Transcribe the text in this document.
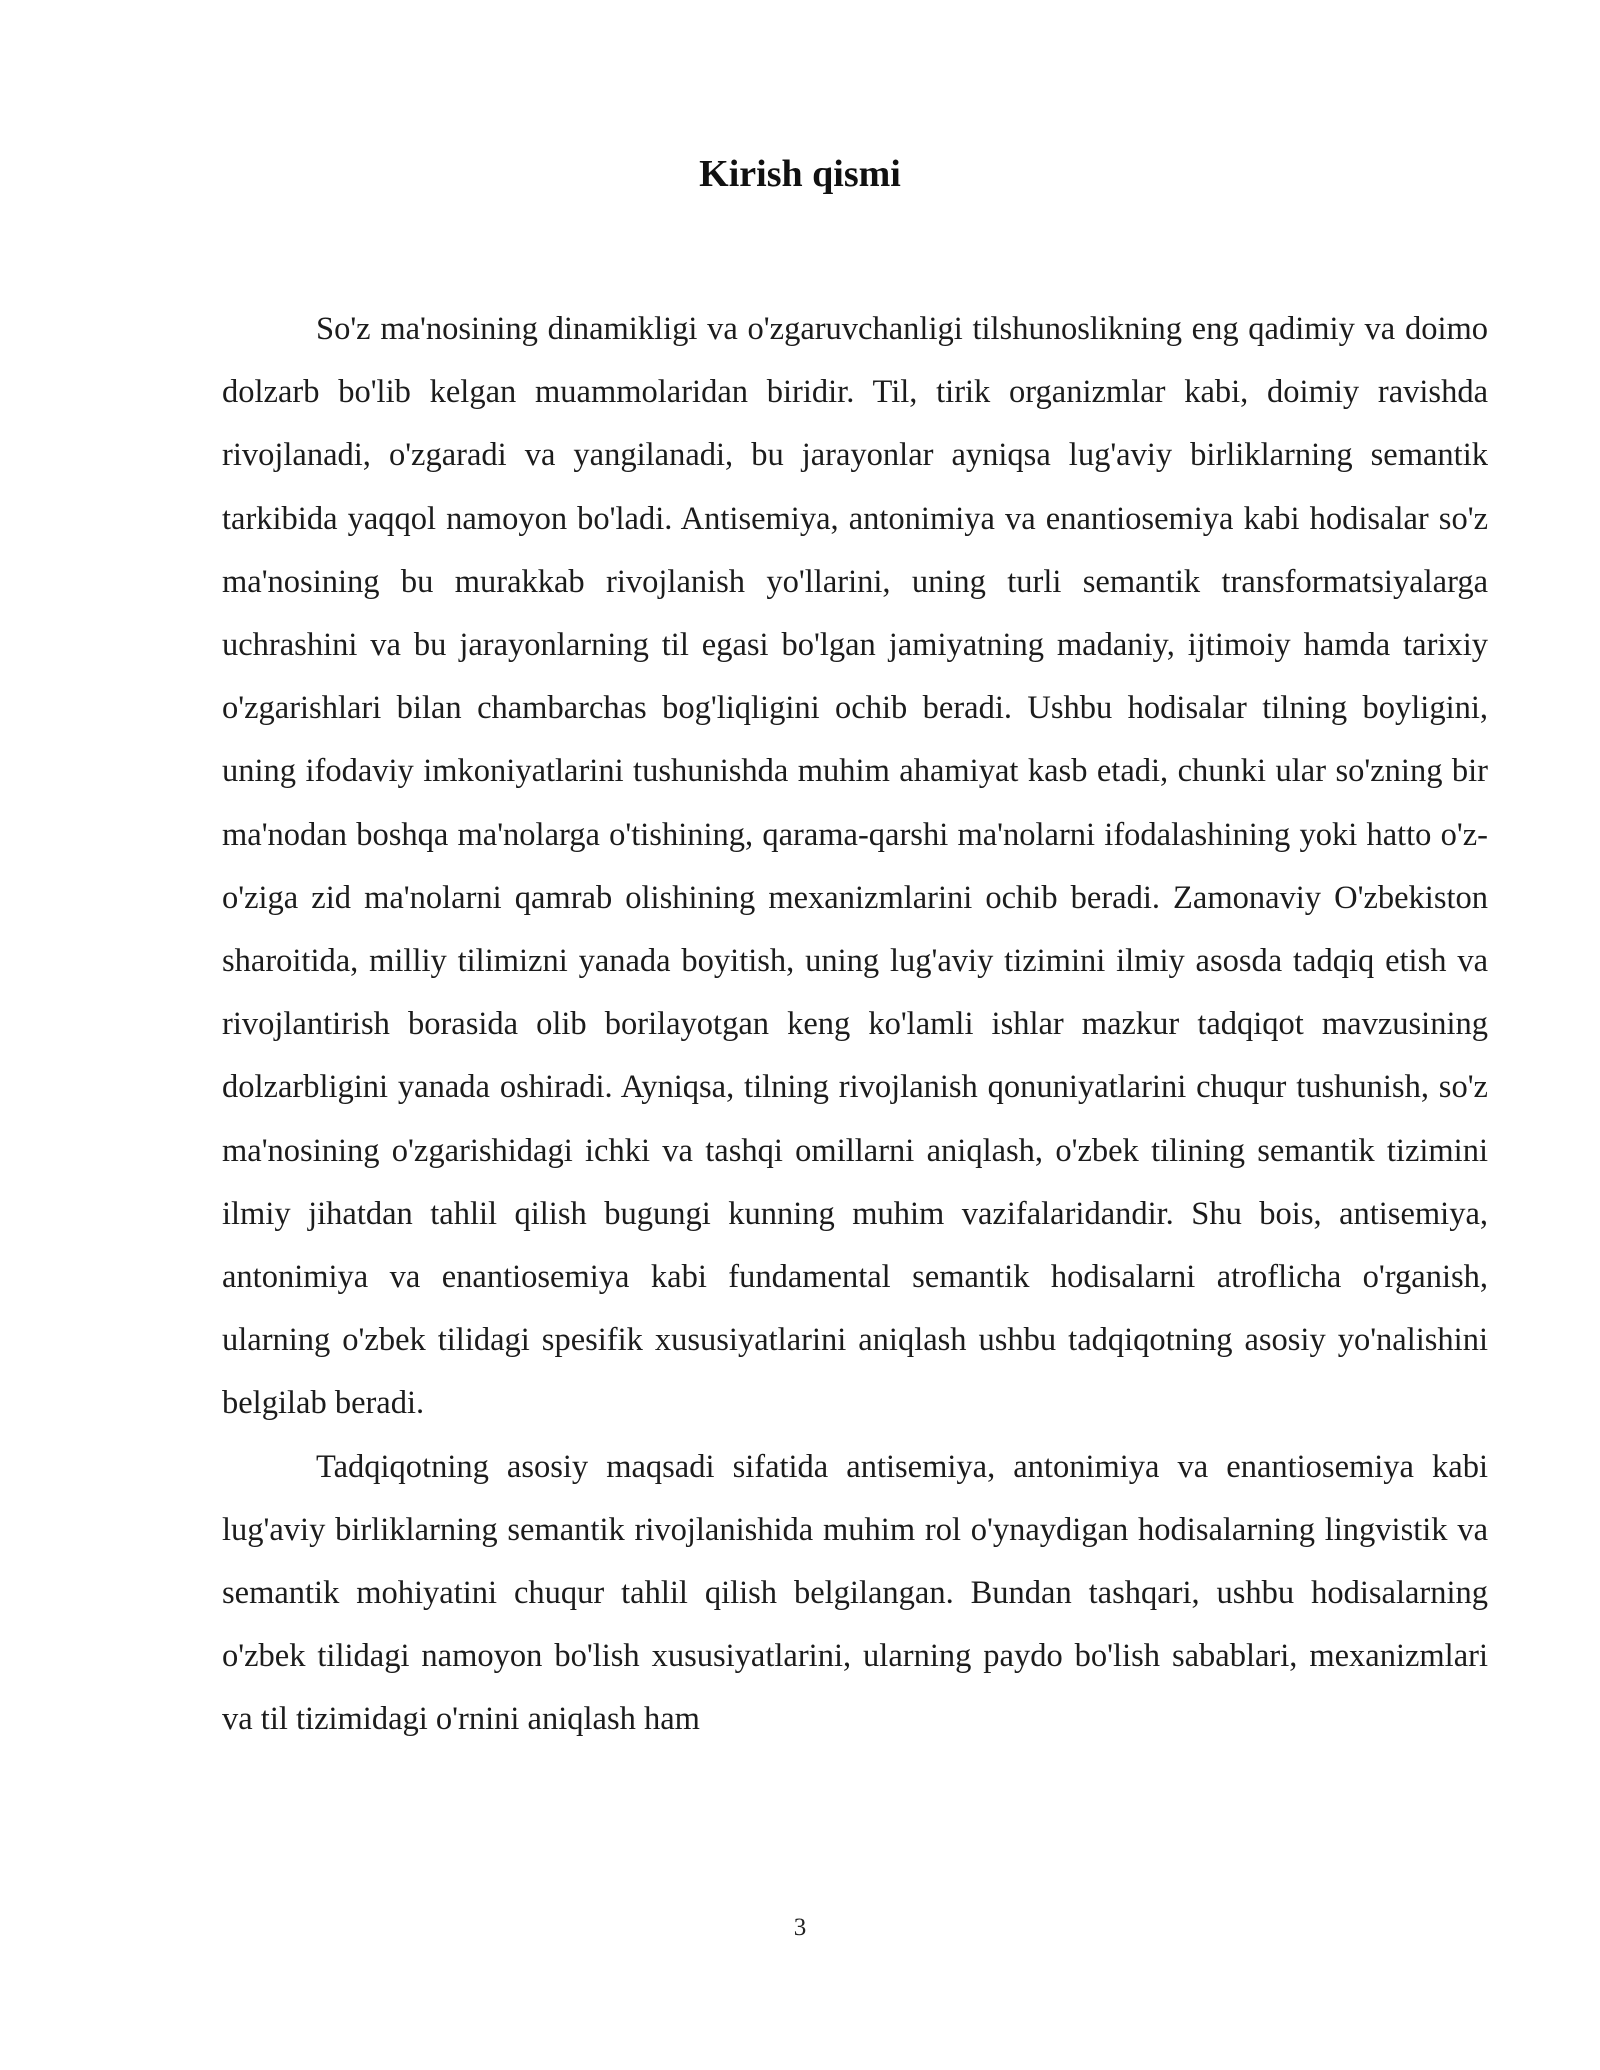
Kirish qismi

So'z ma'nosining dinamikligi va o'zgaruvchanligi tilshunoslikning eng qadimiy va doimo dolzarb bo'lib kelgan muammolaridan biridir. Til, tirik organizmlar kabi, doimiy ravishda rivojlanadi, o'zgaradi va yangilanadi, bu jarayonlar ayniqsa lug'aviy birliklarning semantik tarkibida yaqqol namoyon bo'ladi. Antisemiya, antonimiya va enantiosemiya kabi hodisalar so'z ma'nosining bu murakkab rivojlanish yo'llarini, uning turli semantik transformatsiyalarga uchrashini va bu jarayonlarning til egasi bo'lgan jamiyatning madaniy, ijtimoiy hamda tarixiy o'zgarishlari bilan chambarchas bog'liqligini ochib beradi. Ushbu hodisalar tilning boyligini, uning ifodaviy imkoniyatlarini tushunishda muhim ahamiyat kasb etadi, chunki ular so'zning bir ma'nodan boshqa ma'nolarga o'tishining, qarama-qarshi ma'nolarni ifodalashining yoki hatto o'z-o'ziga zid ma'nolarni qamrab olishining mexanizmlarini ochib beradi. Zamonaviy O'zbekiston sharoitida, milliy tilimizni yanada boyitish, uning lug'aviy tizimini ilmiy asosda tadqiq etish va rivojlantirish borasida olib borilayotgan keng ko'lamli ishlar mazkur tadqiqot mavzusining dolzarbligini yanada oshiradi. Ayniqsa, tilning rivojlanish qonuniyatlarini chuqur tushunish, so'z ma'nosining o'zgarishidagi ichki va tashqi omillarni aniqlash, o'zbek tilining semantik tizimini ilmiy jihatdan tahlil qilish bugungi kunning muhim vazifalaridandir. Shu bois, antisemiya, antonimiya va enantiosemiya kabi fundamental semantik hodisalarni atroflicha o'rganish, ularning o'zbek tilidagi spesifik xususiyatlarini aniqlash ushbu tadqiqotning asosiy yo'nalishini belgilab beradi.

Tadqiqotning asosiy maqsadi sifatida antisemiya, antonimiya va enantiosemiya kabi lug'aviy birliklarning semantik rivojlanishida muhim rol o'ynaydigan hodisalarning lingvistik va semantik mohiyatini chuqur tahlil qilish belgilangan. Bundan tashqari, ushbu hodisalarning o'zbek tilidagi namoyon bo'lish xususiyatlarini, ularning paydo bo'lish sabablari, mexanizmlari va til tizimidagi o'rnini aniqlash ham

3
